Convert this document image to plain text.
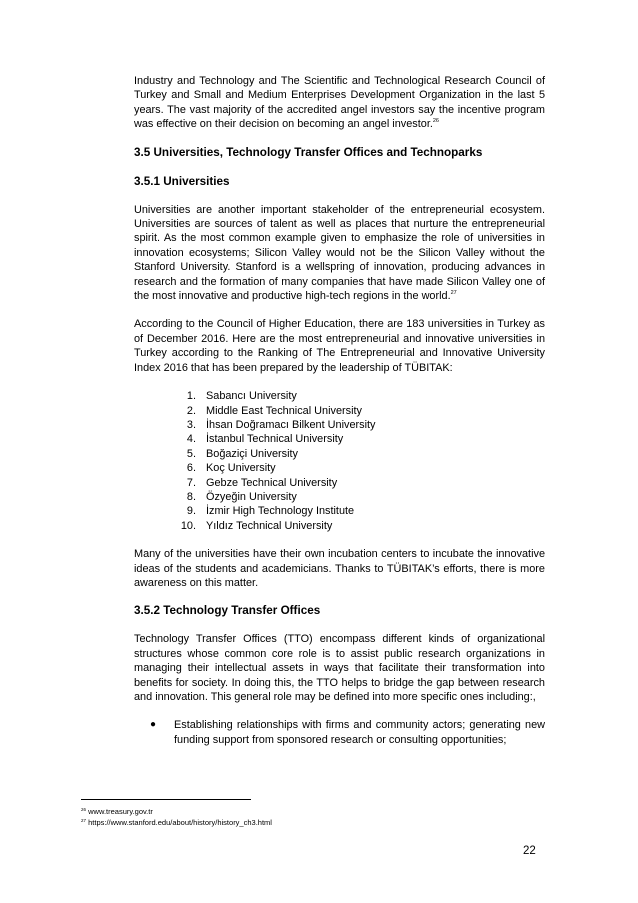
Industry and Technology and The Scientific and Technological Research Council of Turkey and Small and Medium Enterprises Development Organization in the last 5 years. The vast majority of the accredited angel investors say the incentive program was effective on their decision on becoming an angel investor.$^{26}$

3.5 Universities, Technology Transfer Offices and Technoparks
3.5.1 Universities

Universities are another important stakeholder of the entrepreneurial ecosystem. Universities are sources of talent as well as places that nurture the entrepreneurial spirit. As the most common example given to emphasize the role of universities in innovation ecosystems; Silicon Valley would not be the Silicon Valley without the Stanford University. Stanford is a wellspring of innovation, producing advances in research and the formation of many companies that have made Silicon Valley one of the most innovative and productive high-tech regions in the world.$^{27}$

According to the Council of Higher Education, there are 183 universities in Turkey as of December 2016. Here are the most entrepreneurial and innovative universities in Turkey according to the Ranking of The Entrepreneurial and Innovative University Index 2016 that has been prepared by the leadership of TÜBITAK:

1. Sabancı University
2. Middle East Technical University
3. İhsan Doğramacı Bilkent University
4. İstanbul Technical University
5. Boğaziçi University
6. Koç University
7. Gebze Technical University
8. Özyeğin University
9. İzmir High Technology Institute
10. Yıldız Technical University

Many of the universities have their own incubation centers to incubate the innovative ideas of the students and academicians. Thanks to TÜBITAK’s efforts, there is more awareness on this matter.

3.5.2 Technology Transfer Offices

Technology Transfer Offices (TTO) encompass different kinds of organizational structures whose common core role is to assist public research organizations in managing their intellectual assets in ways that facilitate their transformation into benefits for society. In doing this, the TTO helps to bridge the gap between research and innovation. This general role may be defined into more specific ones including:,

●	Establishing relationships with firms and community actors; generating new funding support from sponsored research or consulting opportunities;
$^{26}$ www.treasury.gov.tr
$^{27}$ https://www.stanford.edu/about/history/history_ch3.html
22
